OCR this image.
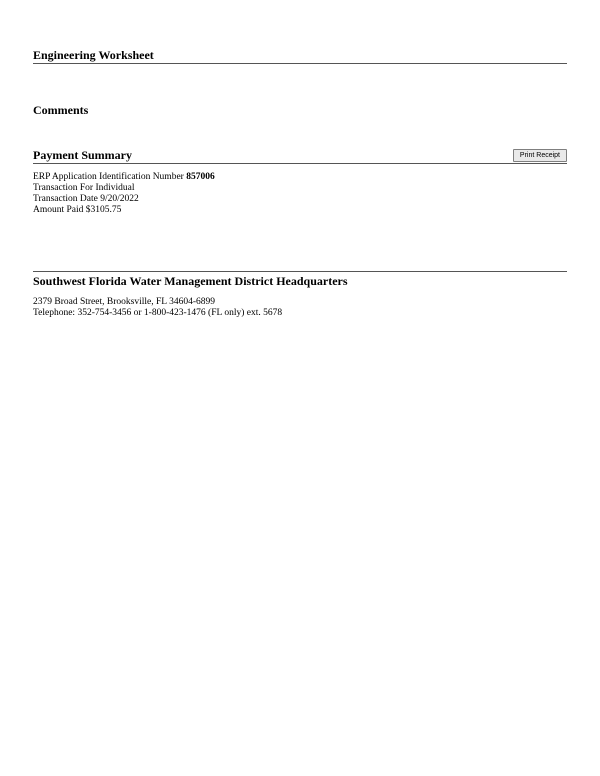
Engineering Worksheet
Comments
Payment Summary	Print Receipt
ERP Application Identification Number 857006
Transaction For Individual
Transaction Date 9/20/2022
Amount Paid $3105.75
Southwest Florida Water Management District Headquarters
2379 Broad Street, Brooksville, FL 34604-6899
Telephone: 352-754-3456 or 1-800-423-1476 (FL only) ext. 5678
